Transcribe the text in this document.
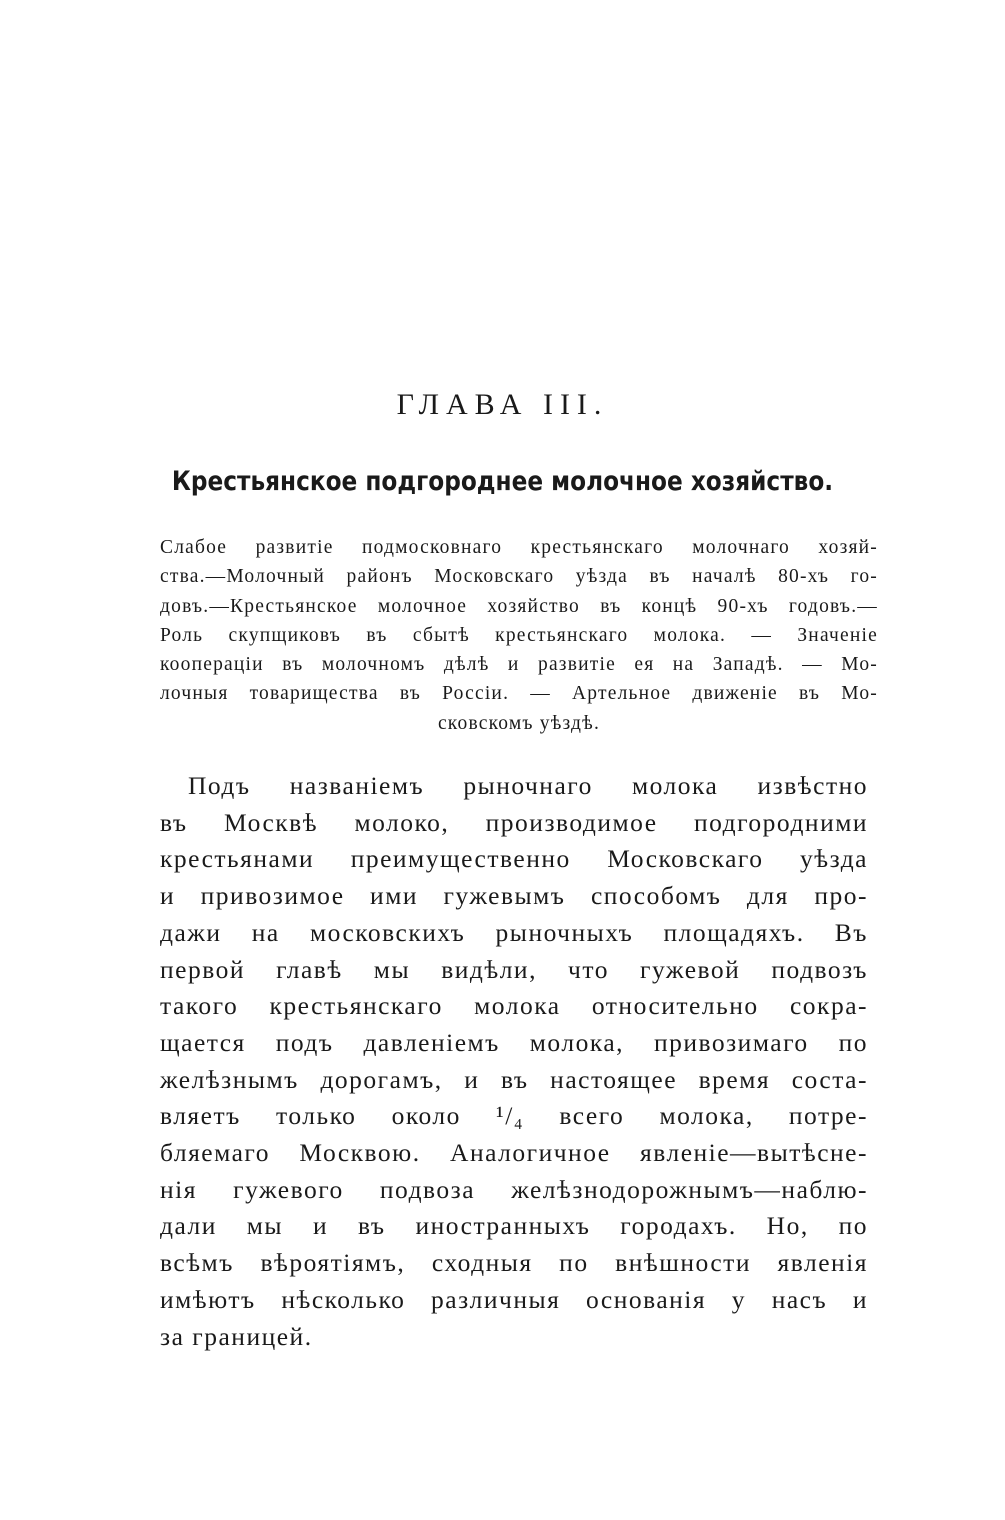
ГЛАВА III.
Крестьянское подгороднее молочное хозяйство.
Слабое развитіе подмосковнаго крестьянскаго молочнаго хозяй-
ства.—Молочный районъ Московскаго уѣзда въ началѣ 80-хъ го-
довъ.—Крестьянское молочное хозяйство въ концѣ 90-хъ годовъ.—
Роль скупщиковъ въ сбытѣ крестьянскаго молока. — Значеніе
коопераціи въ молочномъ дѣлѣ и развитіе ея на Западѣ. — Мо-
лочныя товарищества въ Россіи. — Артельное движеніе въ Мо-
сковскомъ уѣздѣ.
Подъ названіемъ рыночнаго молока извѣстно
въ Москвѣ молоко, производимое подгородними
крестьянами преимущественно Московскаго уѣзда
и привозимое ими гужевымъ способомъ для про-
дажи на московскихъ рыночныхъ площадяхъ. Въ
первой главѣ мы видѣли, что гужевой подвозъ
такого крестьянскаго молока относительно сокра-
щается подъ давленіемъ молока, привозимаго по
желѣзнымъ дорогамъ, и въ настоящее время соста-
вляетъ только около ¹/₄ всего молока, потре-
бляемаго Москвою. Аналогичное явленіе—вытѣсне-
нія гужевого подвоза желѣзнодорожнымъ—наблю-
дали мы и въ иностранныхъ городахъ. Но, по
всѣмъ вѣроятіямъ, сходныя по внѣшности явленія
имѣютъ нѣсколько различныя основанія у насъ и
за границей.
